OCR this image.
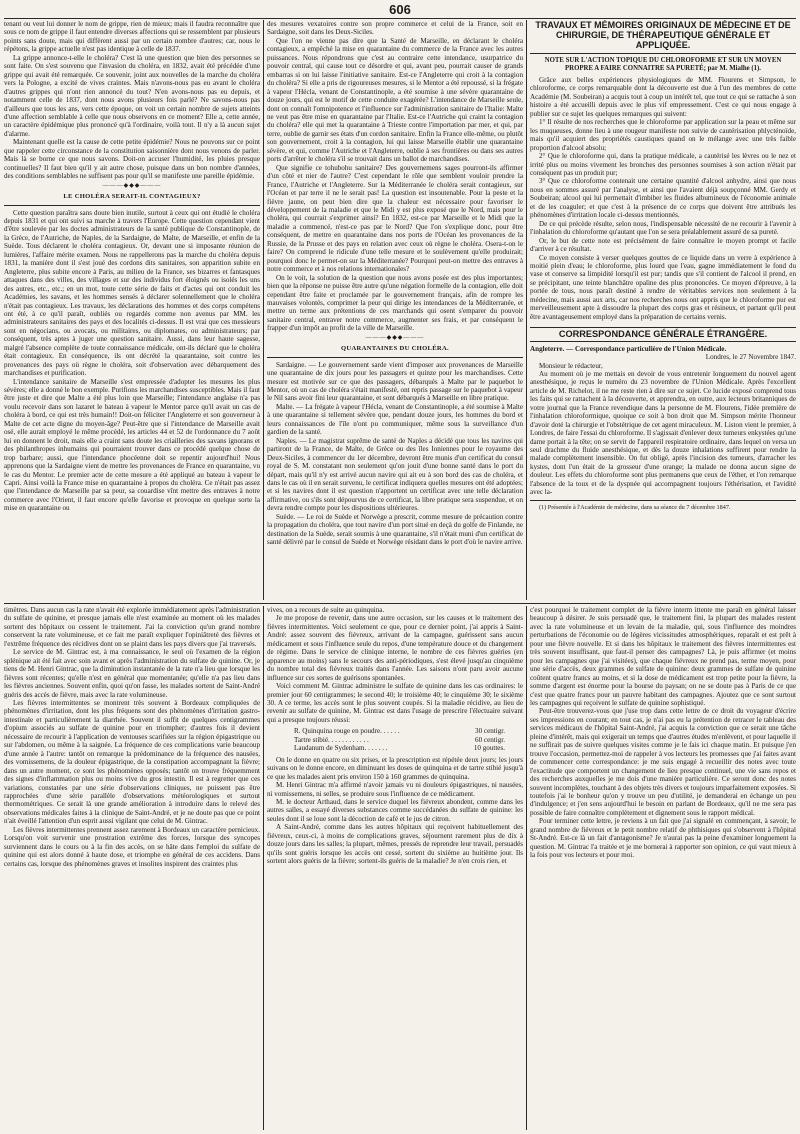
606

tenant ou veut lui donner le nom de grippe, rien de mieux; mais il faudra reconnaître que sous ce nom de grippe il faut entendre diverses affections qui se ressemblent par plusieurs points sans doute, mais qui diffèrent aussi par un certain nombre d'autres; car, nous le répétons, la grippe actuelle n'est pas identique à celle de 1837.

La grippe annonce-t-elle le choléra? C'est là une question que bien des personnes se sont faite. On s'est souvenu que l'invasion du choléra, en 1832, avait été précédée d'une grippe qui avait été remarquée. Ce souvenir, joint aux nouvelles de la marche du choléra vers la Pologne, a excité de vives craintes. Mais n'avons-nous pas eu avant le choléra d'autres grippes qui n'ont rien annoncé du tout? N'en avons-nous pas eu depuis, et notamment celle de 1837, dont nous avons plusieurs fois parlé? Ne savons-nous pas d'ailleurs que tous les ans, vers cette époque, on voit un certain nombre de sujets atteints d'une affection semblable à celle que nous observons en ce moment? Elle a, cette année, un caractère épidémique plus prononcé qu'à l'ordinaire, voilà tout. Il n'y a là aucun sujet d'alarme.

Maintenant quelle est la cause de cette petite épidémie? Nous ne pouvons sur ce point que rappeler cette circonstance de la constitution saisonnière dont nous venons de parler. Mais là se borne ce que nous savons. Doit-on accuser l'humidité, les pluies presque continuelles? Il faut bien qu'il y ait autre chose, puisque dans un bon nombre d'années, des conditions semblables ne suffisent pas pour qu'il se manifeste une pareille épidémie.

———◆◆◆———
LE CHOLÉRA SERAIT-IL CONTAGIEUX?

Cette question paraîtra sans doute bien inutile, surtout à ceux qui ont étudié le choléra depuis 1831 et qui ont suivi sa marche à travers l'Europe. Cette question cependant vient d'être soulevée par les doctes administrateurs de la santé publique de Constantinople, de la Grèce, de l'Autriche, de Naples, de la Sardaigne, de Malte, de Marseille, et enfin de la Suède. Tous déclarent le choléra contagieux. Or, devant une si imposante réunion de lumières, l'affaire mérite examen. Nous ne rappellerons pas la marche du choléra depuis 1831, la manière dont il s'est joué des cordons dits sanitaires, son apparition subite en Angleterre, plus subite encore à Paris, au milieu de la France, ses bizarres et fantasques attaques dans des villes, des villages et sur des individus fort éloignés ou isolés les uns des autres, etc., etc.; en un mot, toute cette série de faits et d'actes qui ont conduit les Académies, les savans, et les hommes sensés à déclarer solennellement que le choléra n'était pas contagieux. Les travaux, les déclarations des hommes et des corps compétens ont été, à ce qu'il paraît, oubliés ou regardés comme non avenus par MM. les administrateurs sanitaires des pays et des localités ci-dessus. Il est vrai que ces messieurs sont en négocians, ou avocats, ou militaires, ou diplomates, ou administrateurs; par conséquent, très aptes à juger une question sanitaire. Aussi, dans leur haute sagesse, malgré l'absence complète de toute connaissance médicale, ont-ils déclaré que le choléra était contagieux. En conséquence, ils ont décrété la quarantaine, soit contre les provenances des pays où règne le choléra, soit d'observation avec débarquement des marchandises et purification.

L'intendance sanitaire de Marseille s'est empressée d'adopter les mesures les plus sévères; elle a donné le bon exemple. Purifions les marchandises susceptibles. Mais il faut être juste et dire que Malte a été plus loin que Marseille; l'intendance anglaise n'a pas voulu recevoir dans son lazaret le bateau à vapeur le Mentor parce qu'il avait un cas de choléra à bord, ce qui est très humain!! Doit-on féliciter l'Angleterre et son gouverneur à Malte de cet acte digne du moyen-âge? Peut-être que si l'intendance de Marseille avait osé, elle aurait employé le même procédé, les articles 44 et 52 de l'ordonnance du 7 août lui en donnent le droit, mais elle a craint sans doute les criailleries des savans ignorans et des philanthropes inhumains qui pourraient trouver dans ce procédé quelque chose de trop barbare; aussi, que l'intendance phocéenne doit se repentir aujourd'hui! Nous apprenons que la Sardaigne vient de mettre les provenances de France en quarantaine, vu le cas du Mentor. Le premier acte de cette mesure a été appliqué au bateau à vapeur le Capri. Ainsi voilà la France mise en quarantaine à propos du choléra. Ce n'était pas assez que l'intendance de Marseille par sa peur, sa couardise vînt mettre des entraves à notre commerce avec l'Orient, il faut encore qu'elle favorise et provoque en quelque sorte la mise en quarantaine ou

des mesures vexatoires contre son propre commerce et celui de la France, soit en Sardaigne, soit dans les Deux-Siciles.

Que l'on ne vienne pas dire que la Santé de Marseille, en déclarant le choléra contagieux, a empêché la mise en quarantaine du commerce de la France avec les autres puissances. Nous répondrons que c'est au contraire cette intendance, usurpatrice du pouvoir central, qui cause tout ce désordre et qui, avant peu, pourrait causer de grands embarras si on lui laisse l'initiative sanitaire. Est-ce l'Angleterre qui croit à la contagion du choléra? Si elle a pris de rigoureuses mesures, si le Mentor a été repoussé, si la frégate à vapeur l'Hécla, venant de Constantinople, a été soumise à une sévère quarantaine de douze jours, qui est le motif de cette conduite exagérée? L'intendance de Marseille seule, dont on connaît l'omnipotence et l'influence sur l'administration sanitaire de l'Italie: Malte ne veut pas être mise en quarantaine par l'Italie. Est-ce l'Autriche qui craint la contagion du choléra? elle qui met la quarantaine à Trieste contre l'importation par mer, et qui, par terre, oublie de garnir ses états d'un cordon sanitaire. Enfin la France elle-même, ou plutôt son gouvernement, croit à la contagion, lui qui laisse Marseille établir une quarantaine sévère, et qui, comme l'Autriche et l'Angleterre, oublie à ses frontières ou dans ses autres ports d'arrêter le choléra s'il se trouvait dans un ballot de marchandises.

Que signifie ce tohubohu sanitaire? Des gouvernemens sages pourront-ils affirmer d'un côté et nier de l'autre? C'est cependant le rôle que semblent vouloir prendre la France, l'Autriche et l'Angleterre. Sur la Méditerranée le choléra serait contagieux, sur l'Océan et par terre il ne le serait pas! La question est insoutenable. Pour la peste et la fièvre jaune, on peut bien dire que la chaleur est nécessaire pour favoriser le développement de la maladie et que le Midi y est plus exposé que le Nord, mais pour le choléra, qui courrait s'exprimer ainsi? En 1832, est-ce par Marseille et le Midi que la maladie a commencé, n'est-ce pas par le Nord? Que l'on s'explique donc, pour être conséquent, de mettre en quarantaine dans nos ports de l'Océan les provenances de la Russie, de la Prusse et des pays en relation avec ceux où règne le choléra. Osera-t-on le faire? On comprend le ridicule d'une telle mesure et le soulèvement qu'elle produirait; pourquoi donc le permet-on sur la Méditerranée? Pourquoi peut-on mettre des entraves à notre commerce et à nos relations internationales?

On le voit, la solution de la question que nous avons posée est des plus importantes; bien que la réponse ne puisse être autre qu'une négation formelle de la contagion, elle doit cependant être faite et proclamée par le gouvernement français, afin de rompre les mauvaises volontés, comprimer la peur qui dirige les intendances de la Méditerranée, et mettre un terme aux prétentions de ces marchands qui osent s'emparer du pouvoir sanitaire central, entraver notre commerce, augmenter ses frais, et par conséquent le frapper d'un impôt au profit de la ville de Marseille.

———◆◆◆———
QUARANTAINES DU CHOLÉRA.

Sardaigne. — Le gouvernement sarde vient d'imposer aux provenances de Marseille une quarantaine de dix jours pour les passagers et quinze pour les marchandises. Cette mesure est motivée sur ce que des passagers, débarqués à Malte par le paquebot le Mentor, où un cas de choléra s'était manifesté, ont repris passage sur le paquebot à vapeur le Nil sans avoir fini leur quarantaine, et sont débarqués à Marseille en libre pratique.

Malte. — La frégate à vapeur l'Hécla, venant de Constantinople, a été soumise à Malte à une quarantaine si tellement sévère que, pendant douze jours, les hommes du bord et leurs connaissances de l'île n'ont pu communiquer, même sous la surveillance d'un gardien de la santé.

Naples. — Le magistrat suprême de santé de Naples a décidé que tous les navires qui partiront de la France, de Malte, de Grèce ou des îles Ioniennes pour le royaume des Deux-Siciles, à commencer du 1er décembre, devront être munis d'un certificat du consul royal de S. M. constatant non seulement qu'on jouit d'une bonne santé dans le port du départ, mais qu'il n'y est arrivé aucun navire qui ait eu à son bord des cas de choléra, et dans le cas où il en serait survenu, le certificat indiquera quelles mesures ont été adoptées; et si les navires dont il est question n'apportent un certificat avec une telle déclaration affirmative, ou s'ils sont dépourvus de ce certificat, la libre pratique sera suspendue, et on devra rendre compte pour les dispositions ultérieures.

Suède. — Le roi de Suède et Norwège a prescrit, comme mesure de précaution contre la propagation du choléra, que tout navire d'un port situé en deçà du golfe de Finlande, ne destination de la Suède, serait soumis à une quarantaine, s'il n'était muni d'un certificat de santé délivré par le consul de Suède et Norwège résidant dans le port d'où le navire arrive.

TRAVAUX ET MÉMOIRES ORIGINAUX DE MÉDECINE ET DE CHIRURGIE, DE THÉRAPEUTIQUE GÉNÉRALE ET APPLIQUÉE.
NOTE SUR L'ACTION TOPIQUE DU CHLOROFORME ET SUR UN MOYEN PROPRE A FAIRE CONNAITRE SA PURETÉ; par M. Mialhe (1).

Grâce aux belles expériences physiologiques de MM. Flourens et Simpson, le chloroforme, ce corps remarquable dont la découverte est due à l'un des membres de cette Académie (M. Soubeiran) a acquis tout à coup un intérêt tel, que tout ce qui se rattache à son histoire a été accueilli depuis avec le plus vif empressement. C'est ce qui nous engage à publier sur ce sujet les quelques remarques qui suivent:

1° Il résulte de nos recherches que le chloroforme par application sur la peau et même sur les muqueuses, donne lieu à une rougeur manifeste non suivie de cautérisation phlycténoïde, mais qu'il acquiert des propriétés caustiques quand on le mélange avec une très faible proportion d'alcool absolu;

2° Que le chloroforme qui, dans la pratique médicale, a cautérisé les lèvres ou le nez et irrité plus ou moins vivement les bronches des personnes soumises à son action n'était par conséquent pas un produit pur;

3° Que ce chloroforme contenait une certaine quantité d'alcool anhydre, ainsi que nous nous en sommes assuré par l'analyse, et ainsi que l'avaient déjà soupçonné MM. Gerdy et Soubeiran; alcool qui lui permettait d'imbiber les fluides albumineux de l'économie animale et de les coaguler; et que c'est à la présence de ce corps que doivent être attribués les phénomènes d'irritation locale ci-dessus mentionnés.

De ce qui précède résulte, selon nous, l'indispensable nécessité de ne recourir à l'avenir à l'inhalation du chloroforme qu'autant que l'on se sera préalablement assuré de sa pureté.

Or, le but de cette note est précisément de faire connaître le moyen prompt et facile d'arriver à ce résultat.

Ce moyen consiste à verser quelques gouttes de ce liquide dans un verre à expérience à moitié plein d'eau; le chloroforme, plus lourd que l'eau, gagne immédiatement le fond du vase et conserve sa limpidité lorsqu'il est pur; tandis que s'il contient de l'alcool il prend, en se précipitant, une teinte blanchâtre opaline des plus prononcées. Ce moyen d'épreuve, à la portée de tous, nous paraît destiné à rendre de véritables services non seulement à la médecine, mais aussi aux arts, car nos recherches nous ont appris que le chloroforme pur est merveilleusement apte à dissoudre la plupart des corps gras et résineux, et partant qu'il peut être avantageusement employé dans la préparation de certains vernis.

CORRESPONDANCE GÉNÉRALE ÉTRANGÈRE.

Angleterre. — Correspondance particulière de l'Union Médicale.

Londres, le 27 Novembre 1847.

Monsieur le rédacteur,

Au moment où je me mettais en devoir de vous entretenir longuement du nouvel agent anesthésique, je reçus le numéro du 23 novembre de l'Union Médicale. Après l'excellent article de M. Richelot, il ne me reste rien à dire sur ce sujet. Ce lucide exposé comprend tous les faits qui se rattachent à la découverte, et apprendra, en outre, aux lecteurs britanniques de votre journal que la France revendique dans la personne de M. Flourens, l'idée première de l'inhalation chloroformique, quoique ce soit à bon droit que M. Simpson mérite l'honneur d'avoir doté la chirurgie et l'obstétrique de cet agent miraculeux. M. Liston vient le premier, à Londres, de faire l'essai du chloroforme. Il s'agissait d'enlever deux tumeurs enkystées qu'une dame portait à la tête; on se servit de l'appareil respiratoire ordinaire, dans lequel on versa un seul drachme du fluide anesthésique, et dès la douze inhalations suffirent pour rendre la malade complètement insensible. On fut obligé, après l'incision des tumeurs, d'arracher les kystes, dont l'un était de la grosseur d'une orange; la malade ne donna aucun signe de douleur. Les effets du chloroforme sont plus permanens que ceux de l'éther, et l'on remarque l'absence de la toux et de la dyspnée qui accompagnent toujours l'éthérisation, et l'avidité avec la-

(1) Présentée à l'Académie de médecine, dans sa séance du 7 décembre 1847.

timètres. Dans aucun cas la rate n'avait été explorée immédiatement après l'administration du sulfate de quinine, et presque jamais elle n'est examinée au moment où les malades sortent des hôpitaux ou cessent le traitement. J'ai la conviction qu'un grand nombre conservent la rate volumineuse, et ce fait me paraît expliquer l'opiniâtreté des fièvres et l'extrême fréquence des récidives dont on se plaint dans les pays divers que j'ai traversés.

Le service de M. Gintrac est, à ma connaissance, le seul où l'examen de la région splénique ait été fait avec soin avant et après l'administration du sulfate de quinine. Or, je tiens de M. Henri Gintrac, que la diminution instantanée de la rate n'a lieu que lorsque les fièvres sont récentes; qu'elle n'est en général que momentanée; qu'elle n'a pas lieu dans les fièvres anciennes. Souvent enfin, quoi qu'on fasse, les malades sortent de Saint-André guéris des accès de fièvre, mais avec la rate volumineuse.

Les fièvres intermittentes se montrent très souvent à Bordeaux compliquées de phénomènes d'irritation, dont les plus fréquens sont des phénomènes d'irritation gastro-intestinale et particulièrement la diarrhée. Souvent il suffit de quelques centigrammes d'opium associés au sulfate de quinine pour en triompher; d'autres fois il devient nécessaire de recourir à l'application de ventouses scarifiées sur la région épigastrique ou sur l'abdomen, ou même à la saignée. La fréquence de ces complications varie beaucoup d'une année à l'autre: tantôt on remarque la prédominance de la fréquence des nausées, des vomissemens, de la douleur épigastrique, de la constipation accompagnant la fièvre; dans un autre moment, ce sont les phénomènes opposés; tantôt on trouve fréquemment des signes d'inflammation plus ou moins vive du gros intestin. Il est à regretter que ces variations, constatées par une série d'observations cliniques, ne puissent pas être rapprochées d'une série parallèle d'observations météorologiques et surtout thermométriques. Ce serait là une grande amélioration à introduire dans le relevé des observations médicales faites à la clinique de Saint-André, et je ne doute pas que ce point n'ait éveillé l'attention d'un esprit aussi vigilant que celui de M. Gintrac.

Les fièvres intermittentes prennent assez rarement à Bordeaux un caractère pernicieux. Lorsqu'on voit survenir une prostration extrême des forces, lorsque des syncopes surviennent dans le cours ou à la fin des accès, on se hâte dans l'emploi du sulfate de quinine qui est alors donné à haute dose, et triomphe en général de ces accidens. Dans certains cas, lorsque des phénomènes graves et insolites inspirent des craintes plus

vives, on a recours de suite au quinquina.

Je me propose de revenir, dans une autre occasion, sur les causes et le traitement des fièvres intermittentes. Voici seulement ce que, pour ce dernier point, j'ai appris à Saint-André: assez souvent des fiévreux, arrivant de la campagne, guérissent sans aucun médicament et sous l'influence seule du repos, d'une température douce et du changement de régime. Dans le service de clinique interne, le nombre de ces fièvres guéries (en apparence au moins) sans le secours des anti-périodiques, s'est élevé jusqu'au cinquième du nombre total des fiévreux traités dans l'année. Les saisons n'ont paru avoir aucune influence sur ces sortes de guérisons spontanées.

Voici comment M. Gintrac administre le sulfate de quinine dans les cas ordinaires: le premier jour 60 centigrammes; le second 40; le troisième 40; le cinquième 30; le sixième 30. A ce terme, les accès sont le plus souvent coupés. Si la maladie récidive, au lieu de revenir au sulfate de quinine, M. Gintrac est dans l'usage de prescrire l'électuaire suivant qui a presque toujours réussi:

R. Quinquina rouge en poudre. . . . . .	30 centigr.

Tartre stibié. . . . . . . . . . . .	60 centigr.

Laudanum de Sydenham. . . . . . .	10 gouttes.

On le donne en quatre ou six prises, et la prescription est répétée deux jours; les jours suivans on le donne encore, en diminuant les doses de quinquina et de tartre stibié jusqu'à ce que les malades aient pris environ 150 à 160 grammes de quinquina.

M. Henri Gintrac m'a affirmé n'avoir jamais vu ni douleurs épigastriques, ni nausées, ni vomissemens, ni selles, se produire sous l'influence de ce médicament.

M. le docteur Arthaud, dans le service duquel les fiévreux abondent, comme dans les autres salles, a essayé diverses substances comme succédanées du sulfate de quinine: les seules dont il se loue sont la décoction de café et le jus de citron.

A Saint-André, comme dans les autres hôpitaux qui reçoivent habituellement des fiévreux, ceux-ci, à moins de complications graves, séjournent rarement plus de dix à douze jours dans les salles; la plupart, mêmes, pressés de reprendre leur travail, persuadés qu'ils sont guéris lorsque les accès ont cessé, sortent du sixième au huitième jour. Ils sortent alors guéris de la fièvre; sortent-ils guéris de la maladie? Je n'en crois rien, et

c'est pourquoi le traitement complet de la fièvre interm ittente me paraît en général laisser beaucoup à désirer. Je suis persuadé que, le traitement fini, la plupart des malades restent avec la rate volumineuse et un levain de la maladie, qui, sous l'influence des moindres perturbations de l'économie ou de légères vicissitudes atmosphériques, reparaît et est prêt à pour une fièvre nouvelle. Et si dans les hôpitaux le traitement des fièvres intermittentes est très souvent insuffisant, que faut-il penser des campagnes? Là, je puis affirmer (et moins pour les campagnes que j'ai visitées), que chaque fiévreux ne prend pas, terme moyen, pour une série d'accès, deux grammes de sulfate de quinine: deux grammes de sulfate de quinine coûtent quatre francs au moins, et si la dose de médicament est trop petite pour la fièvre, la somme d'argent est énorme pour la bourse du paysan; on ne se doute pas à Paris de ce que c'est que quatre francs pour un pauvre habitant des campagnes. Ajoutez que ce sont surtout les campagnes qui reçoivent le sulfate de quinine sophistiqué.

Peut-être trouverez-vous que j'use trop dans cette lettre de ce droit du voyageur d'écrire ses impressions en courant; en tout cas, je n'ai pas eu la prétention de retracer le tableau des services médicaux de l'hôpital Saint-André, j'ai acquis la conviction que ce serait une tâche pleine d'intérêt, mais qui exigerait un temps que d'autres études m'enlèvent, et pour laquelle il ne suffirait pas de suivre quelques visites comme je le fais ici chaque matin. Et puisque j'en trouve l'occasion, permettez-moi de rappeler à vos lecteurs les promesses que j'ai faites avant de commencer cette correspondance: je me suis engagé à recueillir des notes avec toute l'exactitude que comportent un changement de lieu presque continuel, une vie sans repos et des recherches auxquelles je me dois d'une manière particulière. Ce seront donc des notes souvent incomplètes, touchant à des objets très divers et toujours imparfaitement exposées. Si toutefois j'ai le bonheur qu'on y trouve un peu d'utilité, je demanderai en échange un peu d'indulgence; et j'en sens aujourd'hui le besoin en parlant de Bordeaux, qu'il ne me sera pas possible de faire connaître complètement et dignement sous le rapport médical.

Pour terminer cette lettre, je reviens à un fait que j'ai signalé en commençant, à savoir, le grand nombre de fiévreux et le petit nombre relatif de phthisiques qui s'observent à l'hôpital St-André. Est-ce là un fait d'antagonisme? Je n'aurai pas la peine d'examiner longuement la question. M. Gintrac l'a traitée et je me bornerai à rapporter son opinion, ce qui vaut mieux à la fois pour vos lecteurs et pour moi.
